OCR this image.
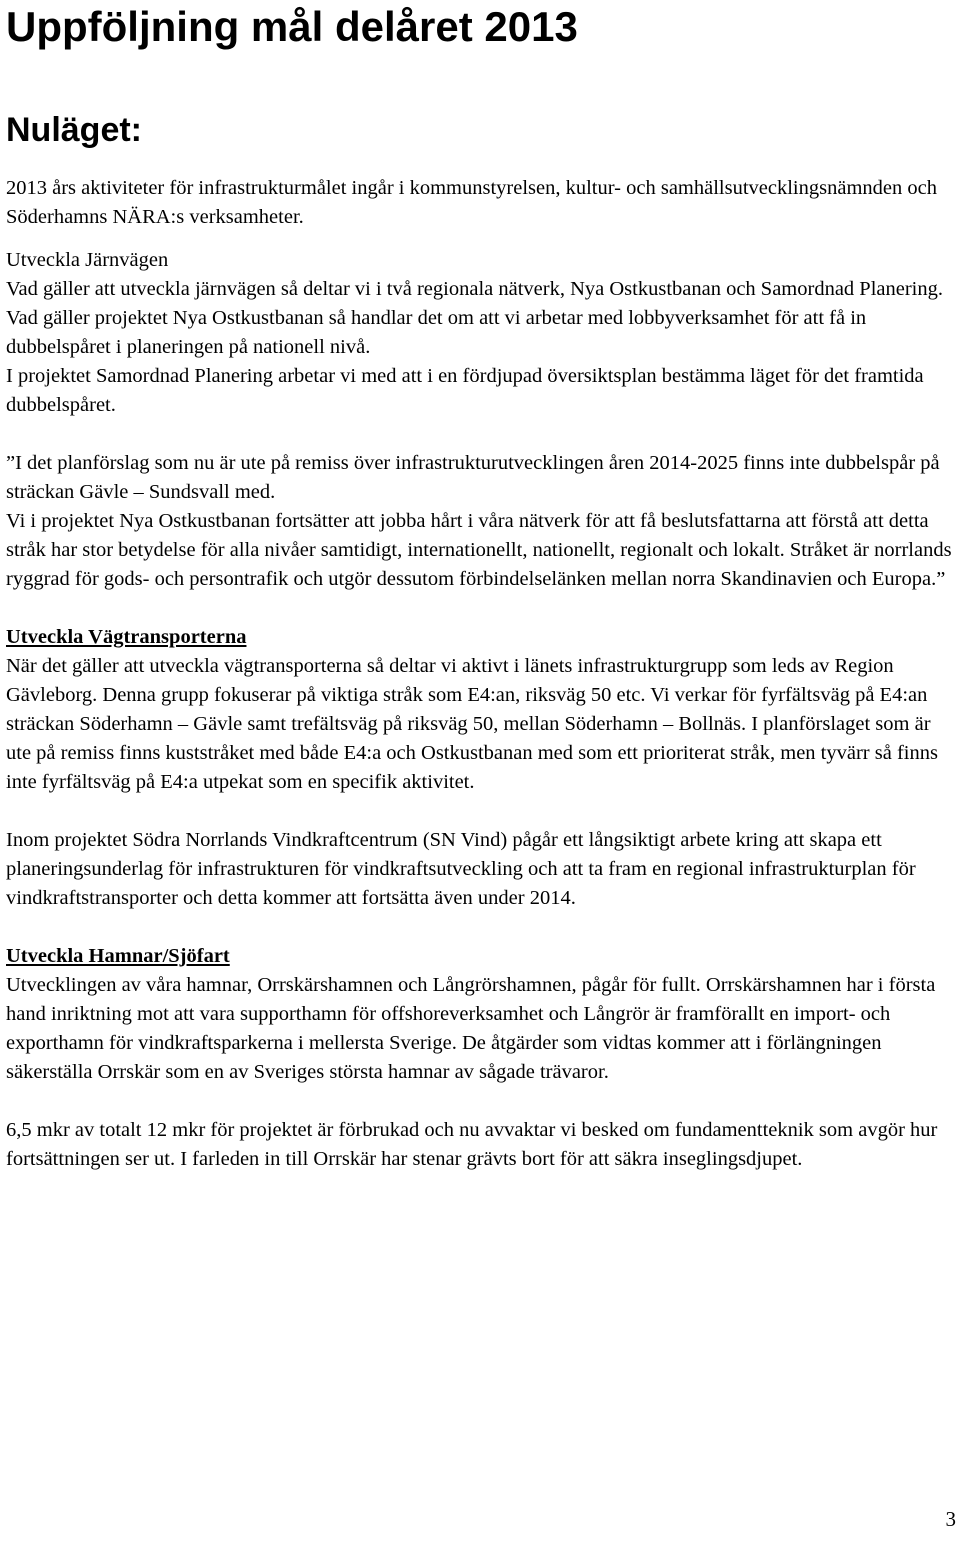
Uppföljning mål delåret 2013
Nuläget:

2013 års aktiviteter för infrastrukturmålet ingår i kommunstyrelsen, kultur- och samhällsutvecklingsnämnden och Söderhamns NÄRA:s verksamheter.

Utveckla Järnvägen

Vad gäller att utveckla järnvägen så deltar vi i två regionala nätverk, Nya Ostkustbanan och Samordnad Planering.

Vad gäller projektet Nya Ostkustbanan så handlar det om att vi arbetar med lobbyverksamhet för att få in dubbelspåret i planeringen på nationell nivå.

I projektet Samordnad Planering arbetar vi med att i en fördjupad översiktsplan bestämma läget för det framtida dubbelspåret.

”I det planförslag som nu är ute på remiss över infrastrukturutvecklingen åren 2014-2025 finns inte dubbelspår på sträckan Gävle – Sundsvall med.

Vi i projektet Nya Ostkustbanan fortsätter att jobba hårt i våra nätverk för att få beslutsfattarna att förstå att detta stråk har stor betydelse för alla nivåer samtidigt, internationellt, nationellt, regionalt och lokalt. Stråket är norrlands ryggrad för gods- och persontrafik och utgör dessutom förbindelselänken mellan norra Skandinavien och Europa.”

Utveckla Vägtransporterna

När det gäller att utveckla vägtransporterna så deltar vi aktivt i länets infrastrukturgrupp som leds av Region Gävleborg. Denna grupp fokuserar på viktiga stråk som E4:an, riksväg 50 etc. Vi verkar för fyrfältsväg på E4:an sträckan Söderhamn – Gävle samt trefältsväg på riksväg 50, mellan Söderhamn – Bollnäs. I planförslaget som är ute på remiss finns kuststråket med både E4:a och Ostkustbanan med som ett prioriterat stråk, men tyvärr så finns inte fyrfältsväg på E4:a utpekat som en specifik aktivitet.

Inom projektet Södra Norrlands Vindkraftcentrum (SN Vind) pågår ett långsiktigt arbete kring att skapa ett planeringsunderlag för infrastrukturen för vindkraftsutveckling och att ta fram en regional infrastrukturplan för vindkraftstransporter och detta kommer att fortsätta även under 2014.

Utveckla Hamnar/Sjöfart

Utvecklingen av våra hamnar, Orrskärshamnen och Långrörshamnen, pågår för fullt. Orrskärshamnen har i första hand inriktning mot att vara supporthamn för offshoreverksamhet och Långrör är framförallt en import- och exporthamn för vindkraftsparkerna i mellersta Sverige. De åtgärder som vidtas kommer att i förlängningen säkerställa Orrskär som en av Sveriges största hamnar av sågade trävaror.

6,5 mkr av totalt 12 mkr för projektet är förbrukad och nu avvaktar vi besked om fundamentteknik som avgör hur fortsättningen ser ut. I farleden in till Orrskär har stenar grävts bort för att säkra inseglingsdjupet.

3
